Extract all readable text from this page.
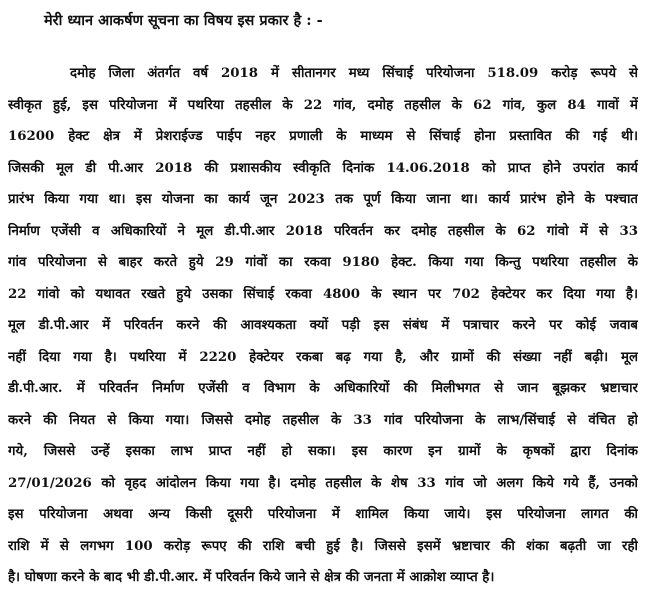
मेरी ध्यान आकर्षण सूचना का विषय इस प्रकार है : -
दमोह जिला अंतर्गत वर्ष 2018 में सीतानगर मध्य सिंचाई परियोजना 518.09 करोड़ रूपये से
स्वीकृत हुई, इस परियोजना में पथरिया तहसील के 22 गांव, दमोह तहसील के 62 गांव, कुल 84 गावों में
16200 हेक्ट क्षेत्र में प्रेशराईज्ड पाईप नहर प्रणाली के माध्यम से सिंचाई होना प्रस्तावित की गई थी।
जिसकी मूल डी पी.आर 2018 की प्रशासकीय स्वीकृति दिनांक 14.06.2018 को प्राप्त होने उपरांत कार्य
प्रारंभ किया गया था। इस योजना का कार्य जून 2023 तक पूर्ण किया जाना था। कार्य प्रारंभ होने के पश्चात
निर्माण एजेंसी व अधिकारियों ने मूल डी.पी.आर 2018 परिवर्तन कर दमोह तहसील के 62 गांवो में से 33
गांव परियोजना से बाहर करते हुये 29 गांवों का रकवा 9180 हेक्ट. किया गया किन्तु पथरिया तहसील के
22 गांवो को यथावत रखते हुये उसका सिंचाई रकवा 4800 के स्थान पर 702 हेक्टेयर कर दिया गया है।
मूल डी.पी.आर में परिवर्तन करने की आवश्यकता क्यों पड़ी इस संबंध में पत्राचार करने पर कोई जवाब
नहीं दिया गया है। पथरिया में 2220 हेक्टेयर रकबा बढ़ गया है, और ग्रामों की संख्या नहीं बढ़ी। मूल
डी.पी.आर. में परिवर्तन निर्माण एजेंसी व विभाग के अधिकारियों की मिलीभगत से जान बूझकर भ्रष्टाचार
करने की नियत से किया गया। जिससे दमोह तहसील के 33 गांव परियोजना के लाभ/सिंचाई से वंचित हो
गये, जिससे उन्हें इसका लाभ प्राप्त नहीं हो सका। इस कारण इन ग्रामों के कृषकों द्वारा दिनांक
27/01/2026 को वृहद आंदोलन किया गया है। दमोह तहसील के शेष 33 गांव जो अलग किये गये हैं, उनको
इस परियोजना अथवा अन्य किसी दूसरी परियोजना में शामिल किया जाये। इस परियोजना लागत की
राशि में से लगभग 100 करोड़ रूपए की राशि बची हुई है। जिससे इसमें भ्रष्टाचार की शंका बढ़ती जा रही
है। घोषणा करने के बाद भी डी.पी.आर. में परिवर्तन किये जाने से क्षेत्र की जनता में आक्रोश व्याप्त है।
